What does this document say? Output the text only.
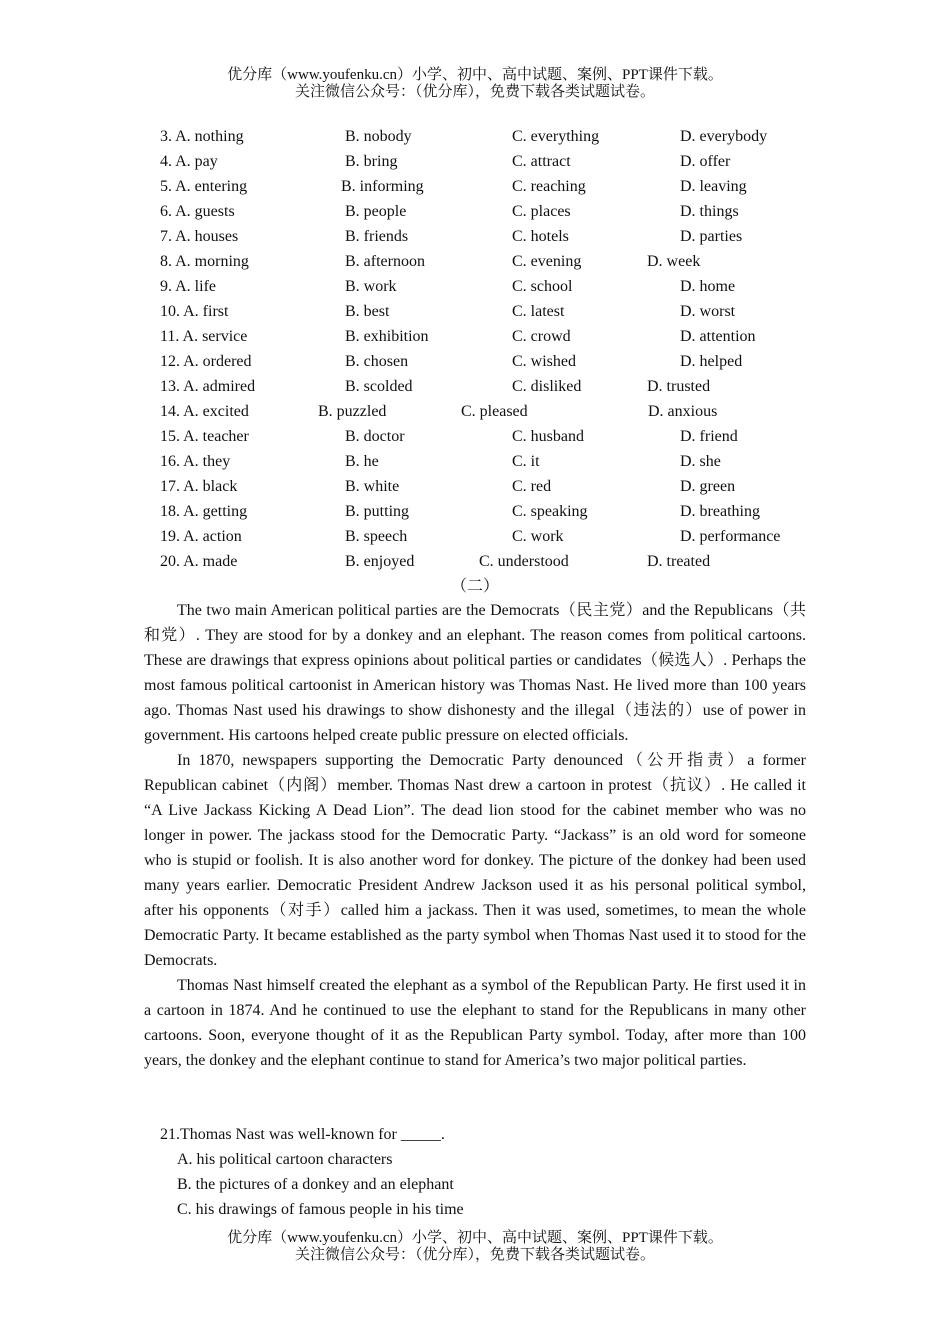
优分库（www.youfenku.cn）小学、初中、高中试题、案例、PPT课件下载。
关注微信公众号：（优分库），免费下载各类试题试卷。
3. A. nothing	B. nobody	C. everything	D. everybody
4. A. pay	B. bring	C. attract	D. offer
5. A. entering	B. informing	C. reaching	D. leaving
6. A. guests	B. people	C. places	D. things
7. A. houses	B. friends	C. hotels	D. parties
8. A. morning	B. afternoon	C. evening	D. week
9. A. life	B. work	C. school	D. home
10. A. first	B. best	C. latest	D. worst
11. A. service	B. exhibition	C. crowd	D. attention
12. A. ordered	B. chosen	C. wished	D. helped
13. A. admired	B. scolded	C. disliked	D. trusted
14. A. excited	B. puzzled	C. pleased	D. anxious
15. A. teacher	B. doctor	C. husband	D. friend
16. A. they	B. he	C. it	D. she
17. A. black	B. white	C. red	D. green
18. A. getting	B. putting	C. speaking	D. breathing
19. A. action	B. speech	C. work	D. performance
20. A. made	B. enjoyed	C. understood	D. treated
（二）

The two main American political parties are the Democrats（民主党）and the Republicans（共和党）. They are stood for by a donkey and an elephant. The reason comes from political cartoons. These are drawings that express opinions about political parties or candidates（候选人）. Perhaps the most famous political cartoonist in American history was Thomas Nast. He lived more than 100 years ago. Thomas Nast used his drawings to show dishonesty and the illegal（违法的）use of power in government. His cartoons helped create public pressure on elected officials.

In 1870, newspapers supporting the Democratic Party denounced（公开指责）a former Republican cabinet（内阁）member. Thomas Nast drew a cartoon in protest（抗议）. He called it “A Live Jackass Kicking A Dead Lion”. The dead lion stood for the cabinet member who was no longer in power. The jackass stood for the Democratic Party. “Jackass” is an old word for someone who is stupid or foolish. It is also another word for donkey. The picture of the donkey had been used many years earlier. Democratic President Andrew Jackson used it as his personal political symbol, after his opponents（对手）called him a jackass. Then it was used, sometimes, to mean the whole Democratic Party. It became established as the party symbol when Thomas Nast used it to stood for the Democrats.

Thomas Nast himself created the elephant as a symbol of the Republican Party. He first used it in a cartoon in 1874. And he continued to use the elephant to stand for the Republicans in many other cartoons. Soon, everyone thought of it as the Republican Party symbol. Today, after more than 100 years, the donkey and the elephant continue to stand for America’s two major political parties.

21.Thomas Nast was well-known for _____.
A. his political cartoon characters
B. the pictures of a donkey and an elephant
C. his drawings of famous people in his time
优分库（www.youfenku.cn）小学、初中、高中试题、案例、PPT课件下载。
关注微信公众号：（优分库），免费下载各类试题试卷。
